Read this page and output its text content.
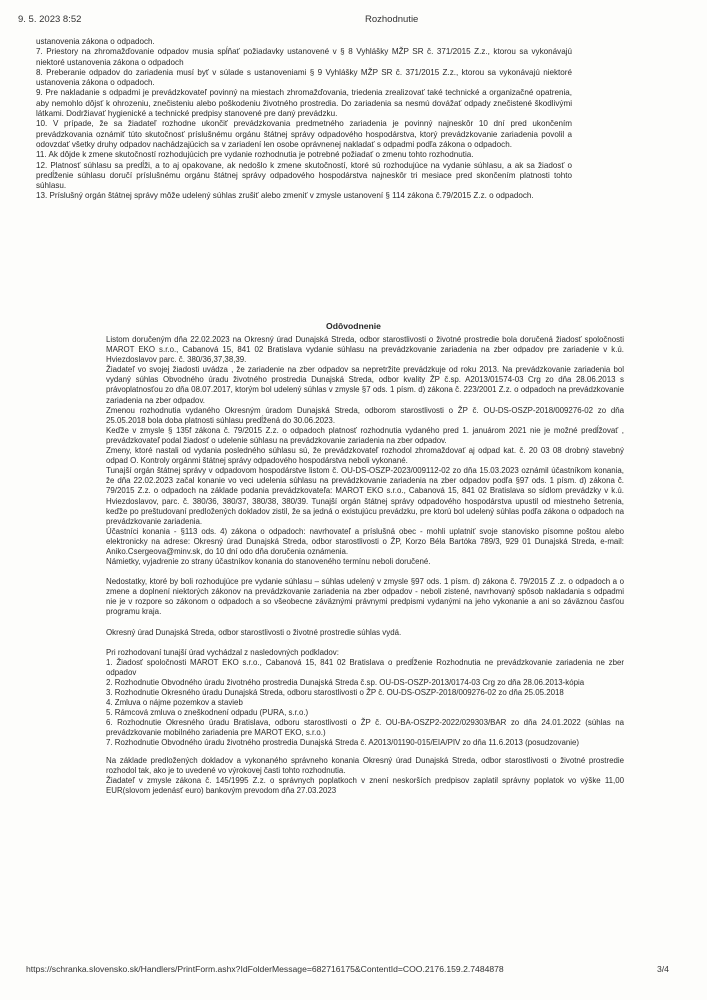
9. 5. 2023 8:52	Rozhodnutie

ustanovenia zákona o odpadoch.

7. Priestory na zhromažďovanie odpadov musia spĺňať požiadavky ustanovené v § 8 Vyhlášky MŽP SR č. 371/2015 Z.z., ktorou sa vykonávajú niektoré ustanovenia zákona o odpadoch

8. Preberanie odpadov do zariadenia musí byť v súlade s ustanoveniami § 9 Vyhlášky MŽP SR č. 371/2015 Z.z., ktorou sa vykonávajú niektoré ustanovenia zákona o odpadoch.

9. Pre nakladanie s odpadmi je prevádzkovateľ povinný na miestach zhromažďovania, triedenia zrealizovať také technické a organizačné opatrenia, aby nemohlo dôjsť k ohrozeniu, znečisteniu alebo poškodeniu životného prostredia. Do zariadenia sa nesmú dovážať odpady znečistené škodlivými látkami. Dodržiavať hygienické a technické predpisy stanovené pre daný prevádzku.

10. V prípade, že sa žiadateľ rozhodne ukončiť prevádzkovania predmetného zariadenia je povinný najneskôr 10 dní pred ukončením prevádzkovania oznámiť túto skutočnosť príslušnému orgánu štátnej správy odpadového hospodárstva, ktorý prevádzkovanie zariadenia povolil a odovzdať všetky druhy odpadov nachádzajúcich sa v zariadení len osobe oprávnenej nakladať s odpadmi podľa zákona o odpadoch.

11. Ak dôjde k zmene skutočností rozhodujúcich pre vydanie rozhodnutia je potrebné požiadať o zmenu tohto rozhodnutia.

12. Platnosť súhlasu sa predĺži, a to aj opakovane, ak nedošlo k zmene skutočností, ktoré sú rozhodujúce na vydanie súhlasu, a ak sa žiadosť o predĺženie súhlasu doručí príslušnému orgánu štátnej správy odpadového hospodárstva najneskôr tri mesiace pred skončením platnosti tohto súhlasu.

13. Príslušný orgán štátnej správy môže udelený súhlas zrušiť alebo zmeniť v zmysle ustanovení § 114 zákona č.79/2015 Z.z. o odpadoch.

Odôvodnenie

Listom doručeným dňa 22.02.2023 na Okresný úrad Dunajská Streda, odbor starostlivosti o životné prostredie bola doručená žiadosť spoločnosti MAROT EKO s.r.o., Cabanová 15, 841 02 Bratislava vydanie súhlasu na prevádzkovanie zariadenia na zber odpadov pre zariadenie v k.ú. Hviezdoslavov parc. č. 380/36,37,38,39.

Žiadateľ vo svojej žiadosti uvádza , že zariadenie na zber odpadov sa nepretržite prevádzkuje od roku 2013. Na prevádzkovanie zariadenia bol vydaný súhlas Obvodného úradu životného prostredia Dunajská Streda, odbor kvality ŽP č.sp. A2013/01574-03 Crg zo dňa 28.06.2013 s právoplatnosťou zo dňa 08.07.2017, ktorým bol udelený súhlas v zmysle §7 ods. 1 písm. d) zákona č. 223/2001 Z.z. o odpadoch na prevádzkovanie zariadenia na zber odpadov.

Zmenou rozhodnutia vydaného Okresným úradom Dunajská Streda, odborom starostlivosti o ŽP č. OU-DS-OSZP-2018/009276-02 zo dňa 25.05.2018 bola doba platnosti súhlasu predĺžená do 30.06.2023.

Keďže v zmysle § 135f zákona č. 79/2015 Z.z. o odpadoch platnosť rozhodnutia vydaného pred 1. januárom 2021 nie je možné predĺžovať , prevádzkovateľ podal žiadosť o udelenie súhlasu na prevádzkovanie zariadenia na zber odpadov.

Zmeny, ktoré nastali od vydania posledného súhlasu sú, že prevádzkovateľ rozhodol zhromaždovať aj odpad kat. č. 20 03 08 drobný stavebný odpad O. Kontroly orgánmi štátnej správy odpadového hospodárstva neboli vykonané.

Tunajší orgán štátnej správy v odpadovom hospodárstve listom č. OU-DS-OSZP-2023/009112-02 zo dňa 15.03.2023 oznámil účastníkom konania, že dňa 22.02.2023 začal konanie vo veci udelenia súhlasu na prevádzkovanie zariadenia na zber odpadov podľa §97 ods. 1 písm. d) zákona č. 79/2015 Z.z. o odpadoch na základe podania prevádzkovateľa: MAROT EKO s.r.o., Cabanová 15, 841 02 Bratislava so sídlom prevádzky v k.ú. Hviezdoslavov, parc. č. 380/36, 380/37, 380/38, 380/39. Tunajší orgán štátnej správy odpadového hospodárstva upustil od miestneho šetrenia, keďže po preštudovaní predložených dokladov zistil, že sa jedná o existujúcu prevádzku, pre ktorú bol udelený súhlas podľa zákona o odpadoch na prevádzkovanie zariadenia.

Účastníci konania - §113 ods. 4) zákona o odpadoch: navrhovateľ a príslušná obec - mohli uplatniť svoje stanovisko písomne poštou alebo elektronicky na adrese: Okresný úrad Dunajská Streda, odbor starostlivosti o ŽP, Korzo Béla Bartóka 789/3, 929 01 Dunajská Streda, e-mail: Aniko.Csergeova@minv.sk, do 10 dní odo dňa doručenia oznámenia.

Námietky, vyjadrenie zo strany účastníkov konania do stanoveného termínu neboli doručené.

Nedostatky, ktoré by boli rozhodujúce pre vydanie súhlasu – súhlas udelený v zmysle §97 ods. 1 písm. d) zákona č. 79/2015 Z .z. o odpadoch a o zmene a doplnení niektorých zákonov na prevádzkovanie zariadenia na zber odpadov - neboli zistené, navrhovaný spôsob nakladania s odpadmi nie je v rozpore so zákonom o odpadoch a so všeobecne záväznými právnymi predpismi vydanými na jeho vykonanie a ani so záväznou časťou programu kraja.

Okresný úrad Dunajská Streda, odbor starostlivosti o životné prostredie súhlas vydá.

Pri rozhodovaní tunajší úrad vychádzal z nasledovných podkladov:

1. Žiadosť spoločnosti MAROT EKO s.r.o., Cabanová 15, 841 02 Bratislava o predĺženie Rozhodnutia ne prevádzkovanie zariadenia ne zber odpadov

2. Rozhodnutie Obvodného úradu životného prostredia Dunajská Streda č.sp. OU-DS-OSZP-2013/0174-03 Crg zo dňa 28.06.2013-kópia

3. Rozhodnutie Okresného úradu Dunajská Streda, odboru starostlivosti o ŽP č. OU-DS-OSZP-2018/009276-02 zo dňa 25.05.2018

4. Zmluva o nájme pozemkov a stavieb

5. Rámcová zmluva o zneškodnení odpadu (PURA, s.r.o.)

6. Rozhodnutie Okresného úradu Bratislava, odboru starostlivosti o ŽP č. OU-BA-OSZP2-2022/029303/BAR zo dňa 24.01.2022 (súhlas na prevádzkovanie mobilného zariadenia pre MAROT EKO, s.r.o.)

7. Rozhodnutie Obvodného úradu životného prostredia Dunajská Streda č. A2013/01190-015/EIA/PIV zo dňa 11.6.2013 (posudzovanie)

Na základe predložených dokladov a vykonaného správneho konania Okresný úrad Dunajská Streda, odbor starostlivosti o životné prostredie rozhodol tak, ako je to uvedené vo výrokovej časti tohto rozhodnutia.

Žiadateľ v zmysle zákona č. 145/1995 Z.z. o správnych poplatkoch v znení neskorších predpisov zaplatil správny poplatok vo výške 11,00 EUR(slovom jedenásť euro) bankovým prevodom dňa 27.03.2023

https://schranka.slovensko.sk/Handlers/PrintForm.ashx?IdFolderMessage=682716175&ContentId=COO.2176.159.2.7484878	3/4
